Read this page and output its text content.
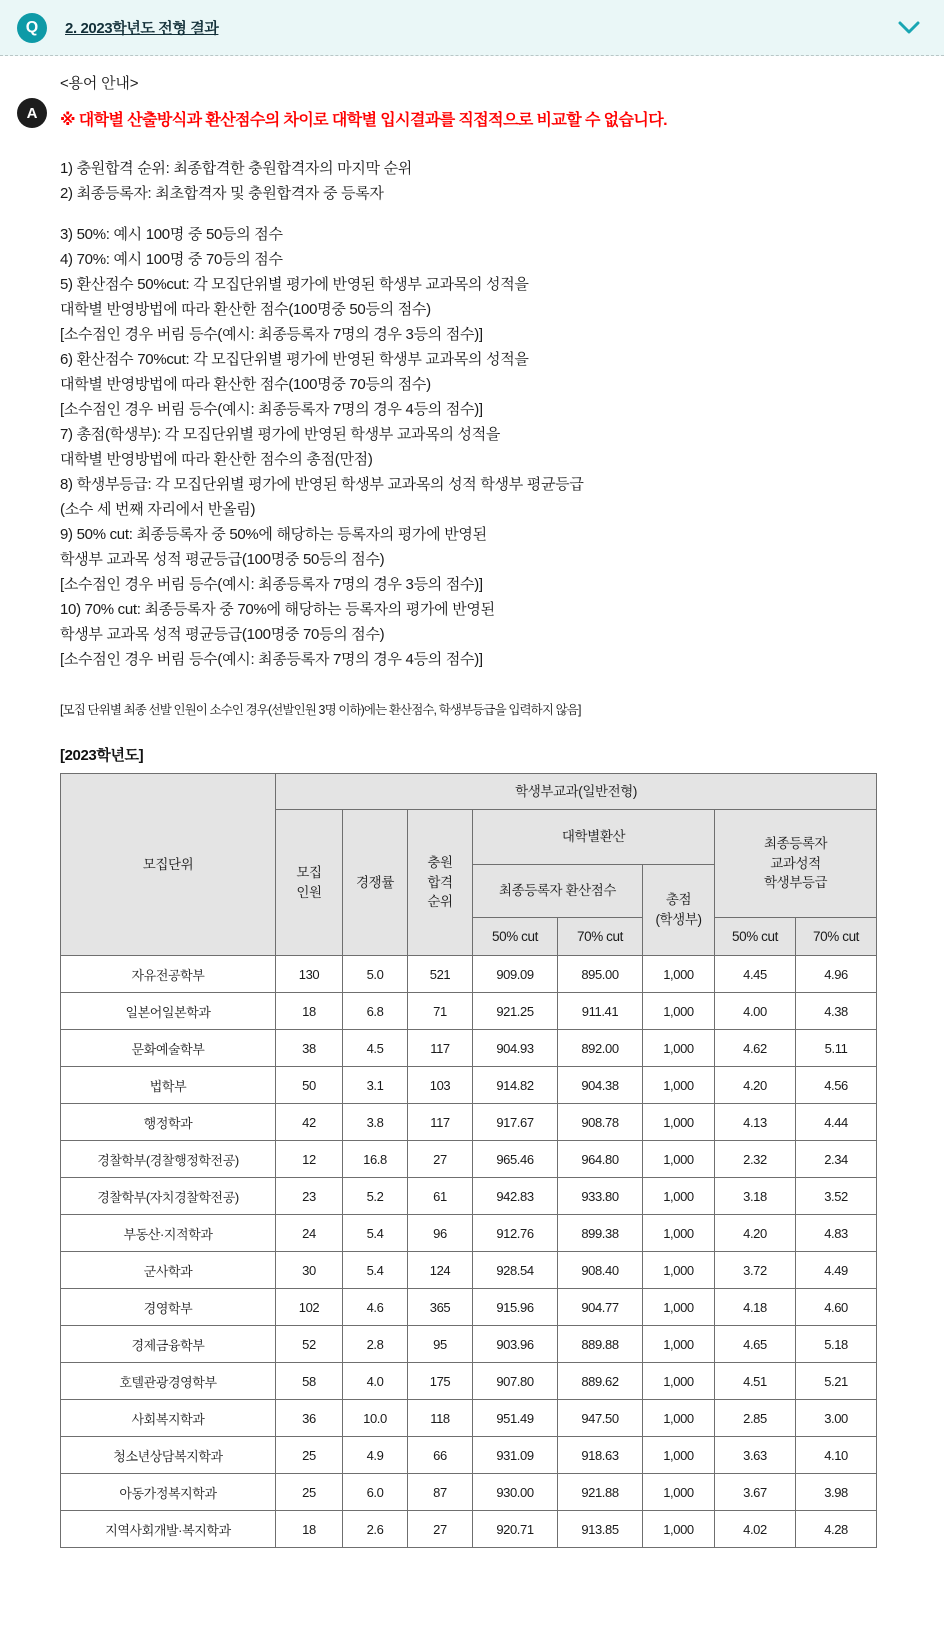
Q	2. 2023학년도 전형 결과
A
<용어 안내>
※ 대학별 산출방식과 환산점수의 차이로 대학별 입시결과를 직접적으로 비교할 수 없습니다.
1) 충원합격 순위: 최종합격한 충원합격자의 마지막 순위
2) 최종등록자: 최초합격자 및 충원합격자 중 등록자
3) 50%: 예시 100명 중 50등의 점수
4) 70%: 예시 100명 중 70등의 점수
5) 환산점수 50%cut: 각 모집단위별 평가에 반영된 학생부 교과목의 성적을
대학별 반영방법에 따라 환산한 점수(100명중 50등의 점수)
[소수점인 경우 버림 등수(예시: 최종등록자 7명의 경우 3등의 점수)]
6) 환산점수 70%cut: 각 모집단위별 평가에 반영된 학생부 교과목의 성적을
대학별 반영방법에 따라 환산한 점수(100명중 70등의 점수)
[소수점인 경우 버림 등수(예시: 최종등록자 7명의 경우 4등의 점수)]
7) 총점(학생부): 각 모집단위별 평가에 반영된 학생부 교과목의 성적을
대학별 반영방법에 따라 환산한 점수의 총점(만점)
8) 학생부등급: 각 모집단위별 평가에 반영된 학생부 교과목의 성적 학생부 평균등급
(소수 세 번째 자리에서 반올림)
9) 50% cut: 최종등록자 중 50%에 해당하는 등록자의 평가에 반영된
학생부 교과목 성적 평균등급(100명중 50등의 점수)
[소수점인 경우 버림 등수(예시: 최종등록자 7명의 경우 3등의 점수)]
10) 70% cut: 최종등록자 중 70%에 해당하는 등록자의 평가에 반영된
학생부 교과목 성적 평균등급(100명중 70등의 점수)
[소수점인 경우 버림 등수(예시: 최종등록자 7명의 경우 4등의 점수)]
[모집 단위별 최종 선발 인원이 소수인 경우(선발인원 3명 이하)에는 환산점수, 학생부등급을 입력하지 않음]
[2023학년도]
모집단위	학생부교과(일반전형)							

모집
인원
	경쟁률	
충원
합격
순위
	대학별환산	최종등록자
교과성적
학생부등급

				최종등록자 환산점수		총점
(학생부)		

				50% cut	70% cut		50% cut	70% cut
자유전공학부	130	5.0	521	909.09	895.00	1,000	4.45	4.96
일본어일본학과	18	6.8	71	921.25	911.41	1,000	4.00	4.38
문화예술학부	38	4.5	117	904.93	892.00	1,000	4.62	5.11
법학부	50	3.1	103	914.82	904.38	1,000	4.20	4.56
행정학과	42	3.8	117	917.67	908.78	1,000	4.13	4.44
경찰학부(경찰행정학전공)	12	16.8	27	965.46	964.80	1,000	2.32	2.34
경찰학부(자치경찰학전공)	23	5.2	61	942.83	933.80	1,000	3.18	3.52
부동산·지적학과	24	5.4	96	912.76	899.38	1,000	4.20	4.83
군사학과	30	5.4	124	928.54	908.40	1,000	3.72	4.49
경영학부	102	4.6	365	915.96	904.77	1,000	4.18	4.60
경제금융학부	52	2.8	95	903.96	889.88	1,000	4.65	5.18
호텔관광경영학부	58	4.0	175	907.80	889.62	1,000	4.51	5.21
사회복지학과	36	10.0	118	951.49	947.50	1,000	2.85	3.00
청소년상담복지학과	25	4.9	66	931.09	918.63	1,000	3.63	4.10
아동가정복지학과	25	6.0	87	930.00	921.88	1,000	3.67	3.98
지역사회개발·복지학과	18	2.6	27	920.71	913.85	1,000	4.02	4.28
